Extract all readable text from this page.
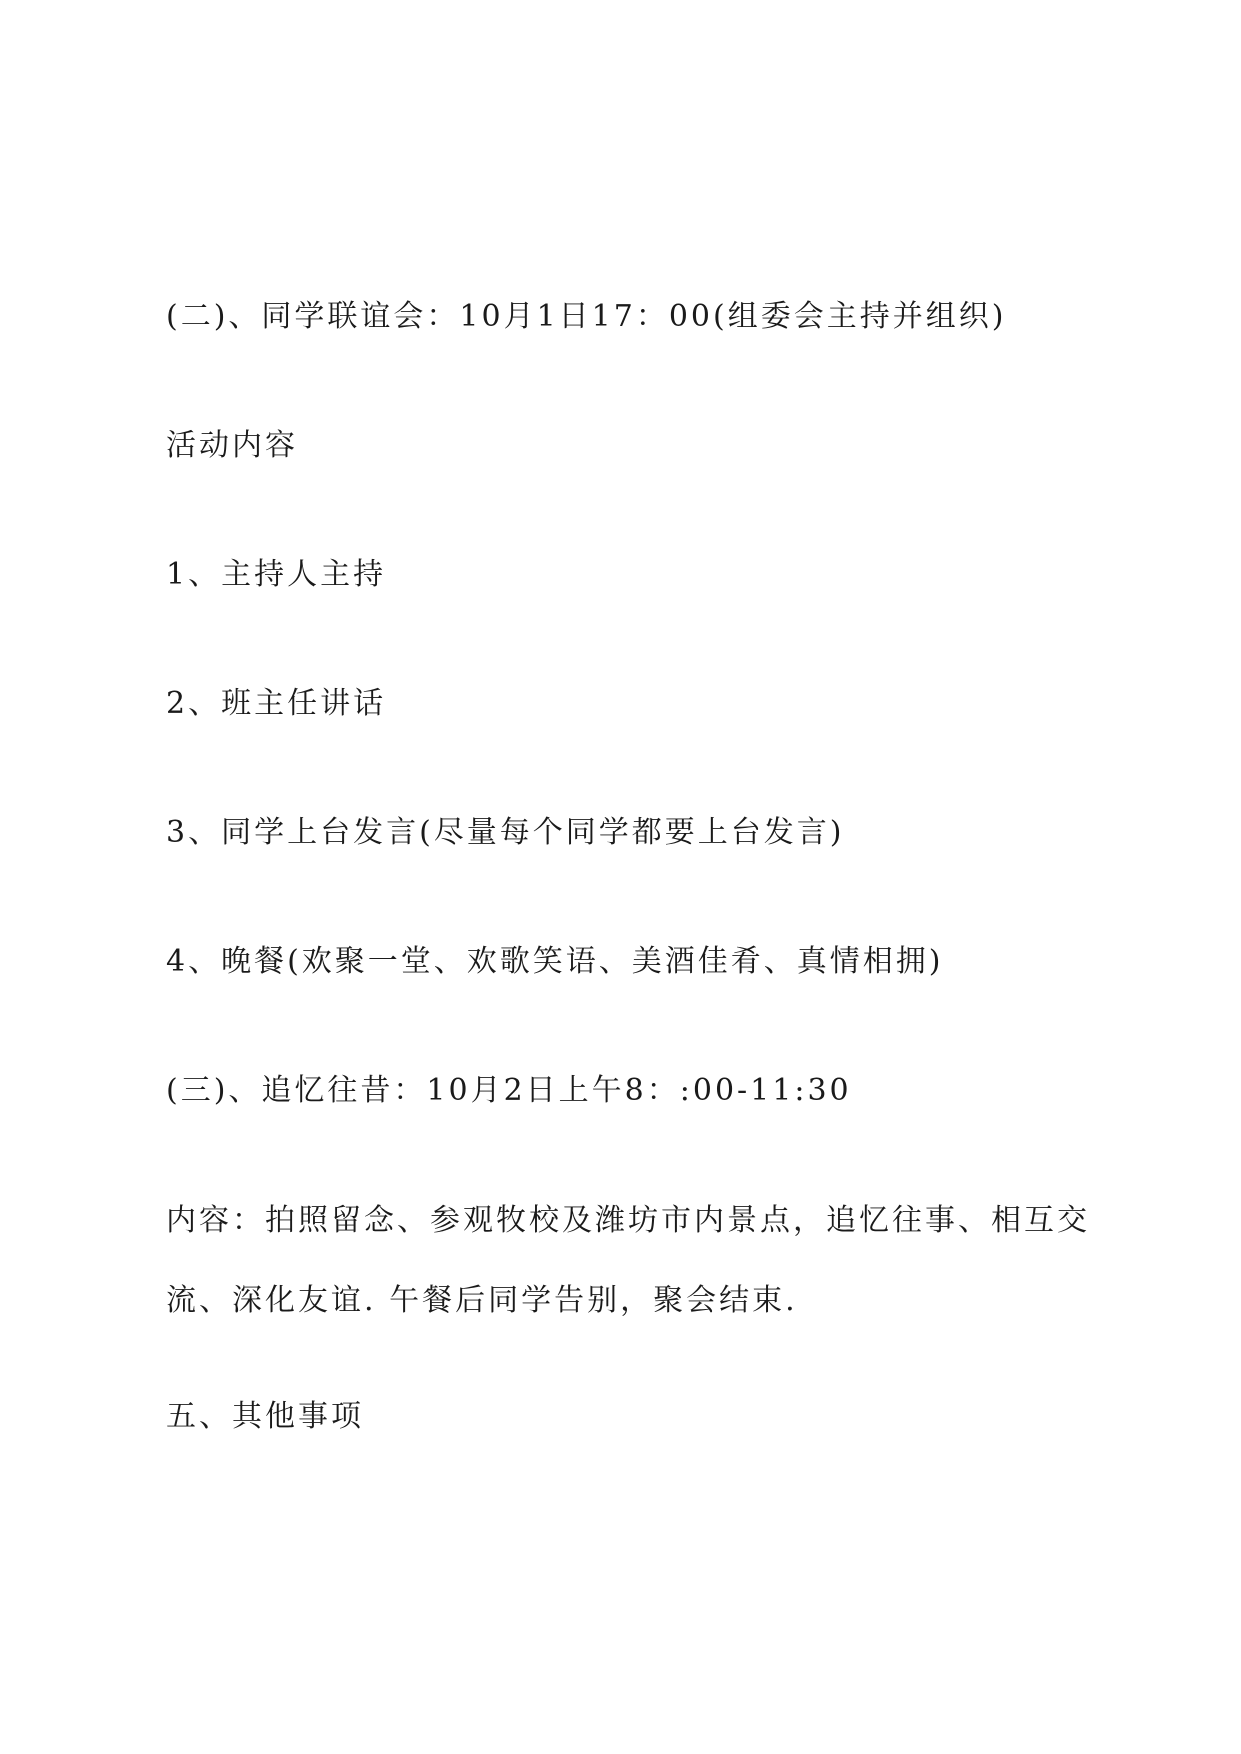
(二)、同学联谊会：10月1日17：00(组委会主持并组织)
活动内容
1、主持人主持
2、班主任讲话
3、同学上台发言(尽量每个同学都要上台发言)
4、晚餐(欢聚一堂、欢歌笑语、美酒佳肴、真情相拥)
(三)、追忆往昔：10月2日上午8：:00-11:30
内容：拍照留念、参观牧校及潍坊市内景点，追忆往事、相互交流、深化友谊. 午餐后同学告别，聚会结束.
五、其他事项
